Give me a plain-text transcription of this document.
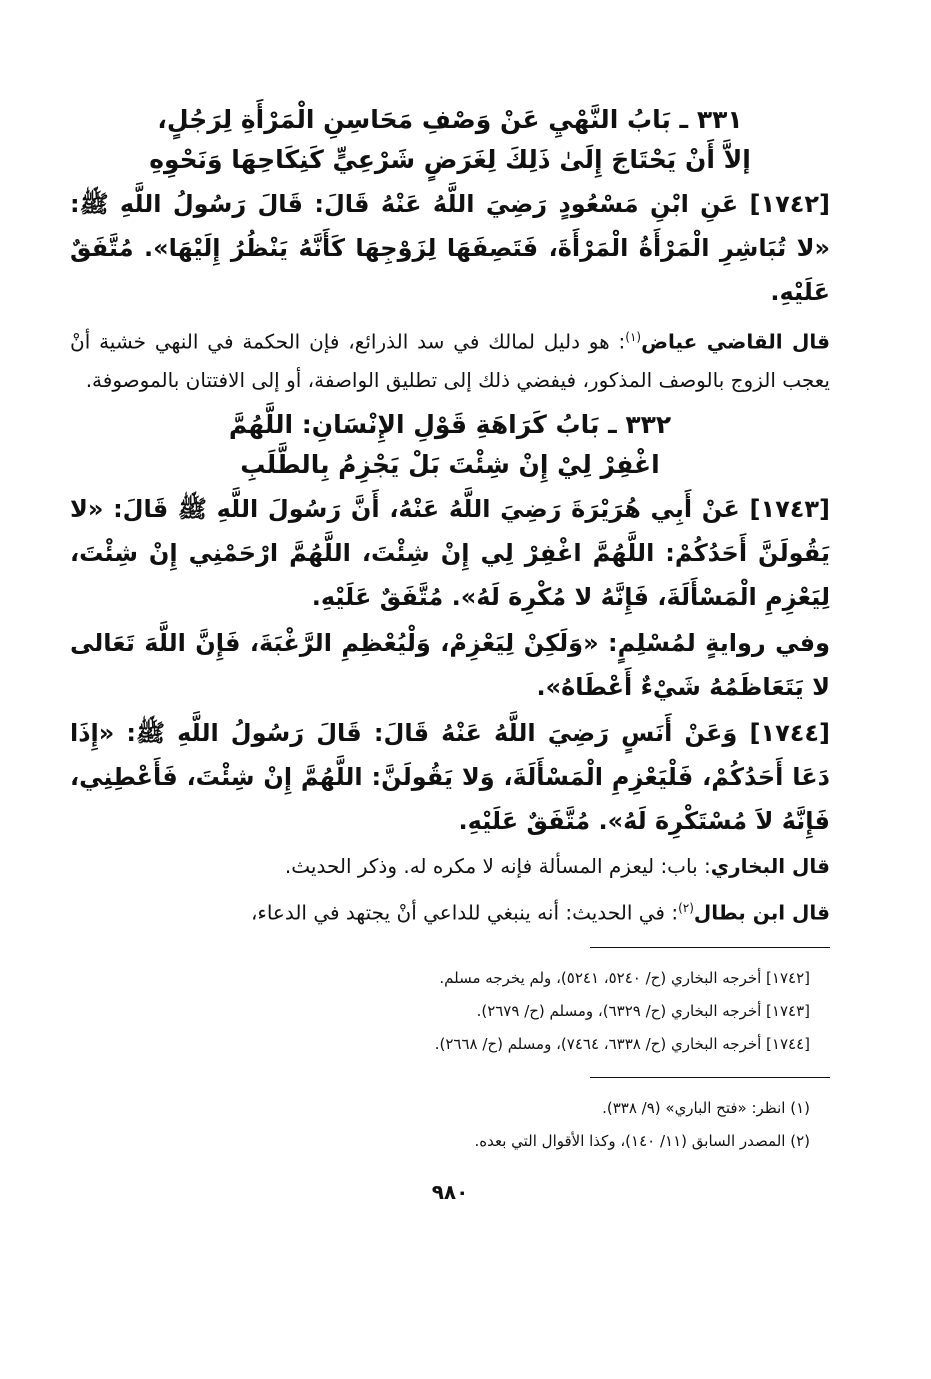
٣٣١ ـ بَابُ النَّهْيِ عَنْ وَصْفِ مَحَاسِنِ الْمَرْأَةِ لِرَجُلٍ،
إلاَّ أَنْ يَحْتَاجَ إِلَىٰ ذَلِكَ لِغَرَضٍ شَرْعِيٍّ كَنِكَاحِهَا وَنَحْوِهِ
[١٧٤٢] عَنِ ابْنِ مَسْعُودٍ رَضِيَ اللَّهُ عَنْهُ قَالَ: قَالَ رَسُولُ اللَّهِ ﷺ: «لا تُبَاشِرِ الْمَرْأَةُ الْمَرْأَةَ، فَتَصِفَهَا لِزَوْجِهَا كَأَنَّهُ يَنْظُرُ إِلَيْهَا». مُتَّفَقٌ عَلَيْهِ.
قال القاضي عياض$^{(١)}$: هو دليل لمالك في سد الذرائع، فإن الحكمة في النهي خشية أنْ يعجب الزوج بالوصف المذكور، فيفضي ذلك إلى تطليق الواصفة، أو إلى الافتتان بالموصوفة.
٣٣٢ ـ بَابُ كَرَاهَةِ قَوْلِ الإِنْسَانِ: اللَّهُمَّ
اغْفِرْ لِيْ إِنْ شِئْتَ بَلْ يَجْزِمُ بِالطَّلَبِ
[١٧٤٣] عَنْ أَبِي هُرَيْرَةَ رَضِيَ اللَّهُ عَنْهُ، أَنَّ رَسُولَ اللَّهِ ﷺ قَالَ: «لا يَقُولَنَّ أَحَدُكُمْ: اللَّهُمَّ اغْفِرْ لِي إِنْ شِئْتَ، اللَّهُمَّ ارْحَمْنِي إِنْ شِئْتَ، لِيَعْزِمِ الْمَسْأَلَةَ، فَإِنَّهُ لا مُكْرِهَ لَهُ». مُتَّفَقٌ عَلَيْهِ.
وفي روايةٍ لمُسْلِمٍ: «وَلَكِنْ لِيَعْزِمْ، وَلْيُعْظِمِ الرَّغْبَةَ، فَإِنَّ اللَّهَ تَعَالى لا يَتَعَاظَمُهُ شَيْءٌ أَعْطَاهُ».
[١٧٤٤] وَعَنْ أَنَسٍ رَضِيَ اللَّهُ عَنْهُ قَالَ: قَالَ رَسُولُ اللَّهِ ﷺ: «إِذَا دَعَا أَحَدُكُمْ، فَلْيَعْزِمِ الْمَسْأَلَةَ، وَلا يَقُولَنَّ: اللَّهُمَّ إِنْ شِئْتَ، فَأَعْطِنِي، فَإِنَّهُ لاَ مُسْتَكْرِهَ لَهُ». مُتَّفَقٌ عَلَيْهِ.
قال البخاري: باب: ليعزم المسألة فإنه لا مكره له. وذكر الحديث.
قال ابن بطال$^{(٢)}$: في الحديث: أنه ينبغي للداعي أنْ يجتهد في الدعاء،
[١٧٤٢] أخرجه البخاري (ح/ ٥٢٤٠، ٥٢٤١)، ولم يخرجه مسلم.
[١٧٤٣] أخرجه البخاري (ح/ ٦٣٢٩)، ومسلم (ح/ ٢٦٧٩).
[١٧٤٤] أخرجه البخاري (ح/ ٦٣٣٨، ٧٤٦٤)، ومسلم (ح/ ٢٦٦٨).
(١) انظر: «فتح الباري» (٩/ ٣٣٨).
(٢) المصدر السابق (١١/ ١٤٠)، وكذا الأقوال التي بعده.
٩٨٠
